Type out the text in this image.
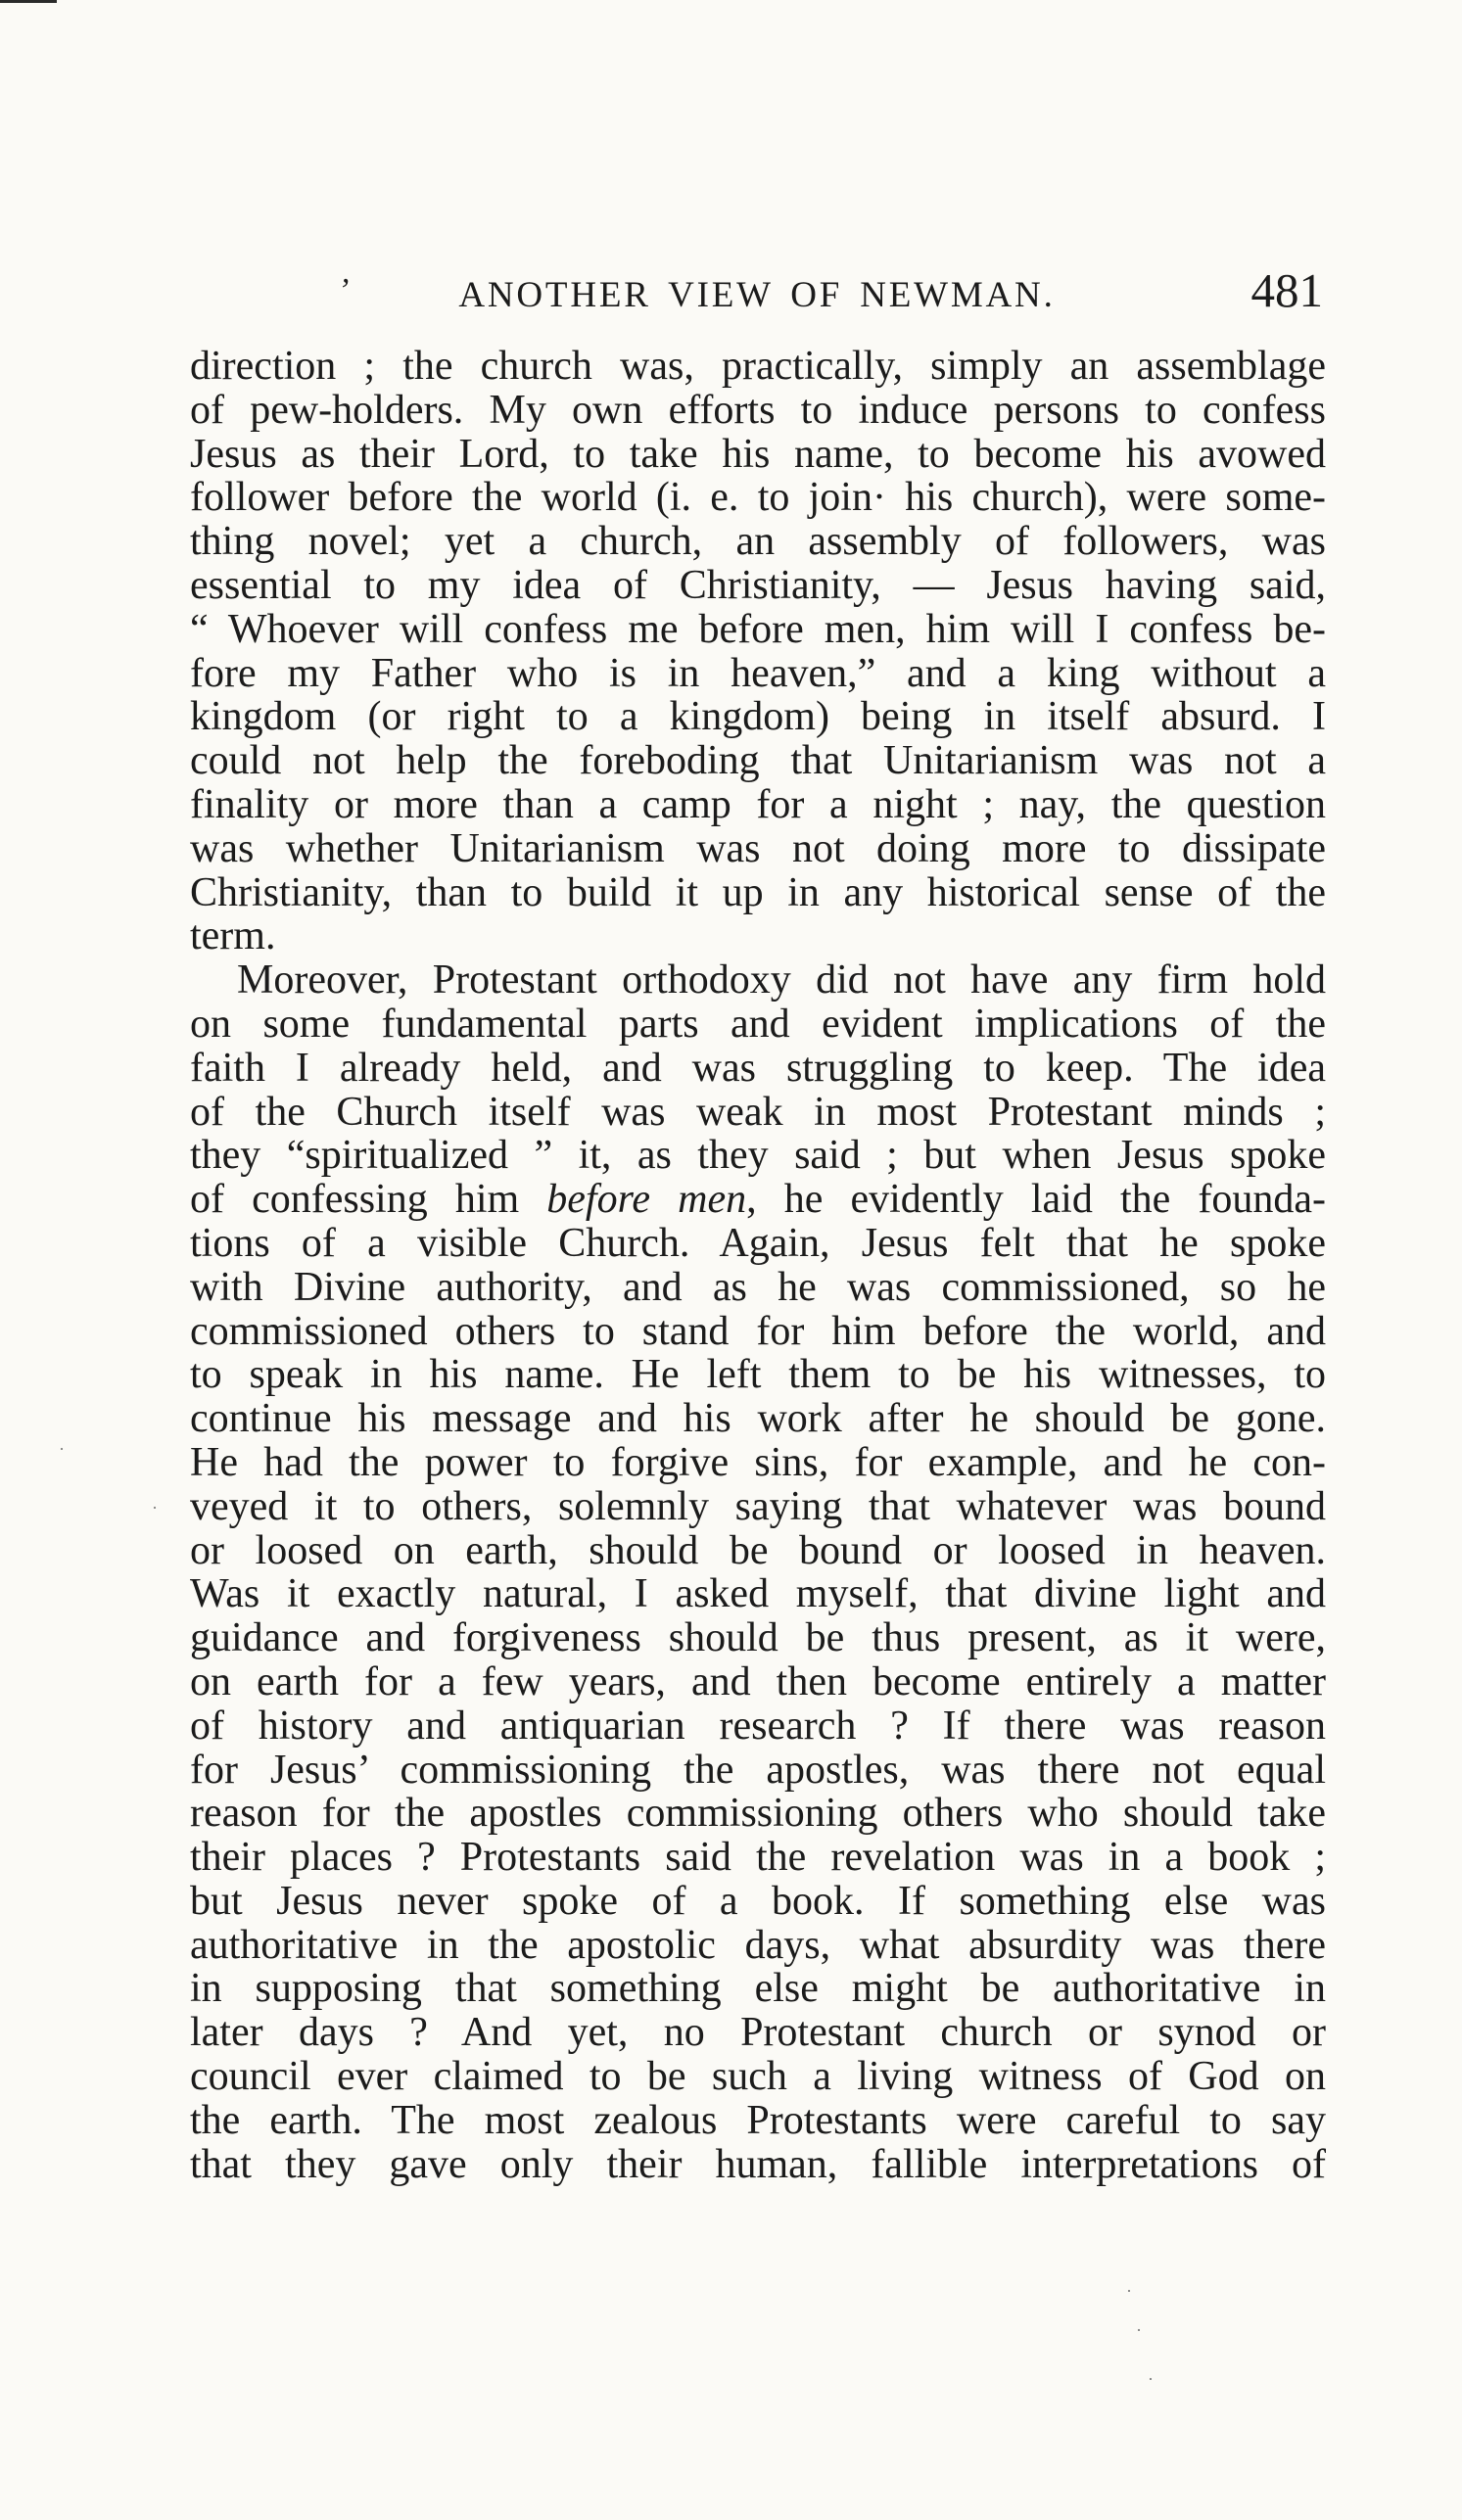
’	ANOTHER VIEW OF NEWMAN.	481
direction ; the church was, practically, simply an assemblage
of pew-holders. My own efforts to induce persons to confess
Jesus as their Lord, to take his name, to become his avowed
follower before the world (i. e. to join· his church), were some-
thing novel; yet a church, an assembly of followers, was
essential to my idea of Christianity, — Jesus having said,
“ Whoever will confess me before men, him will I confess be-
fore my Father who is in heaven,” and a king without a
kingdom (or right to a kingdom) being in itself absurd. I
could not help the foreboding that Unitarianism was not a
finality or more than a camp for a night ; nay, the question
was whether Unitarianism was not doing more to dissipate
Christianity, than to build it up in any historical sense of the
term.
Moreover, Protestant orthodoxy did not have any firm hold
on some fundamental parts and evident implications of the
faith I already held, and was struggling to keep. The idea
of the Church itself was weak in most Protestant minds ;
they “spiritualized ” it, as they said ; but when Jesus spoke
of confessing him before men, he evidently laid the founda-
tions of a visible Church. Again, Jesus felt that he spoke
with Divine authority, and as he was commissioned, so he
commissioned others to stand for him before the world, and
to speak in his name. He left them to be his witnesses, to
continue his message and his work after he should be gone.
He had the power to forgive sins, for example, and he con-
veyed it to others, solemnly saying that whatever was bound
or loosed on earth, should be bound or loosed in heaven.
Was it exactly natural, I asked myself, that divine light and
guidance and forgiveness should be thus present, as it were,
on earth for a few years, and then become entirely a matter
of history and antiquarian research ? If there was reason
for Jesus’ commissioning the apostles, was there not equal
reason for the apostles commissioning others who should take
their places ? Protestants said the revelation was in a book ;
but Jesus never spoke of a book. If something else was
authoritative in the apostolic days, what absurdity was there
in supposing that something else might be authoritative in
later days ? And yet, no Protestant church or synod or
council ever claimed to be such a living witness of God on
the earth. The most zealous Protestants were careful to say
that they gave only their human, fallible interpretations of
·
·
·
·
·
